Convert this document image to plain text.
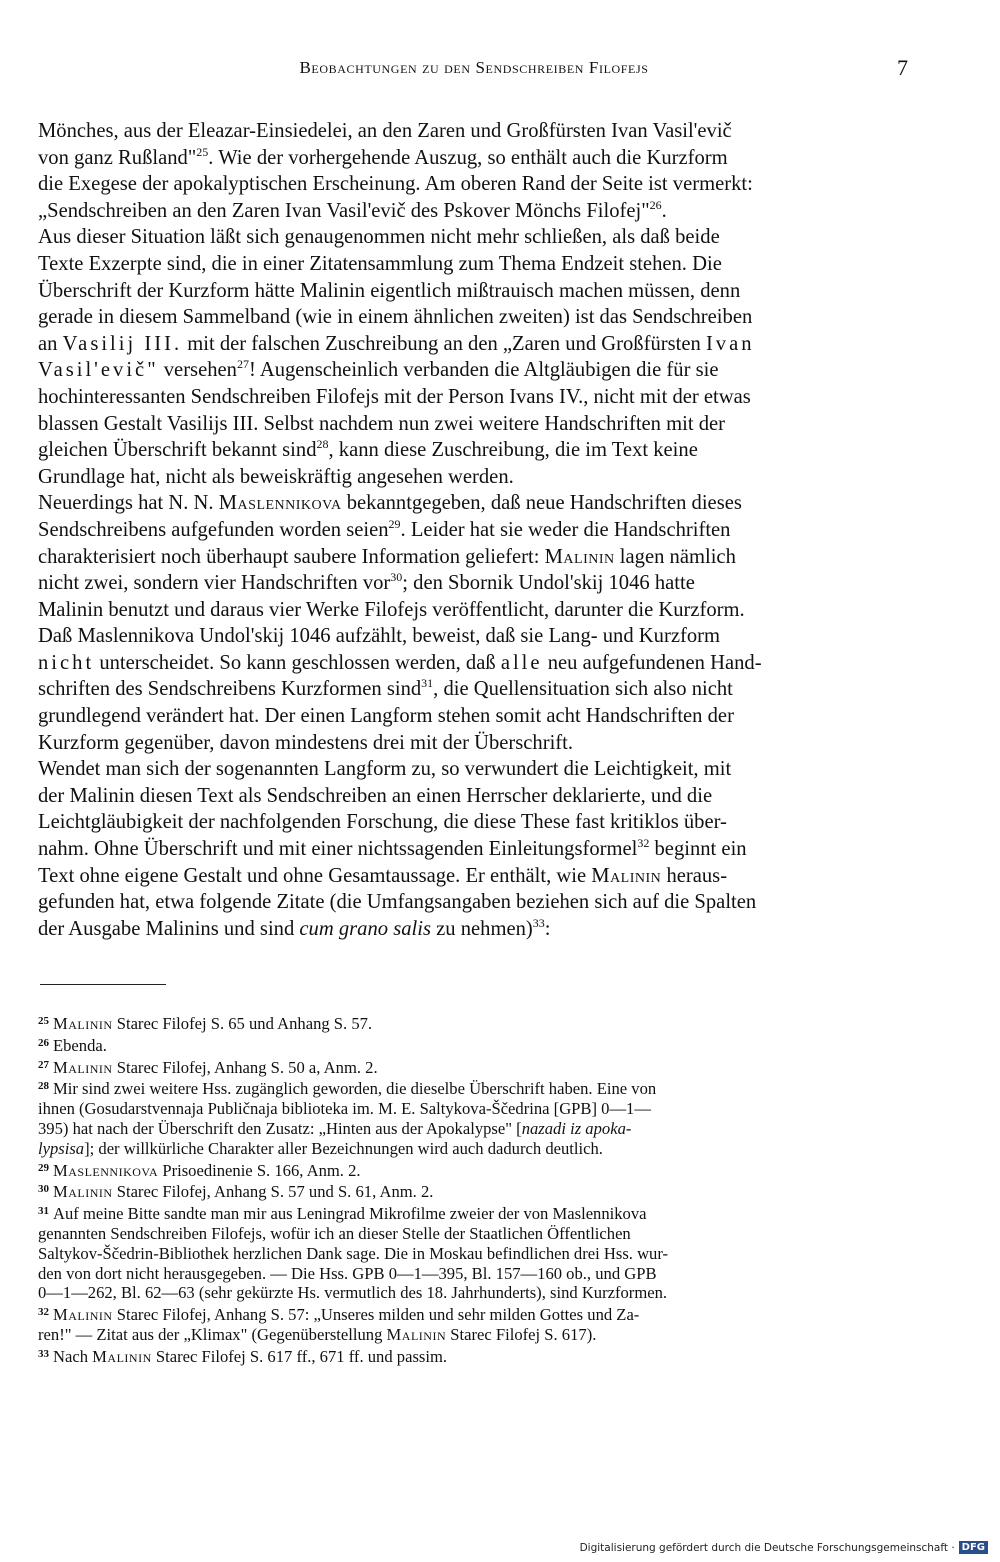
Beobachtungen zu den Sendschreiben Filofejs	7

Mönches, aus der Eleazar-Einsiedelei, an den Zaren und Großfürsten Ivan Vasil'evič
von ganz Rußland"$^{25}$. Wie der vorhergehende Auszug, so enthält auch die Kurzform
die Exegese der apokalyptischen Erscheinung. Am oberen Rand der Seite ist vermerkt:
„Sendschreiben an den Zaren Ivan Vasil'evič des Pskover Mönchs Filofej"$^{26}$.

Aus dieser Situation läßt sich genaugenommen nicht mehr schließen, als daß beide
Texte Exzerpte sind, die in einer Zitatensammlung zum Thema Endzeit stehen. Die
Überschrift der Kurzform hätte Malinin eigentlich mißtrauisch machen müssen, denn
gerade in diesem Sammelband (wie in einem ähnlichen zweiten) ist das Sendschreiben
an Vasilij III. mit der falschen Zuschreibung an den „Zaren und Großfürsten Ivan
Vasil'evič" versehen$^{27}$! Augenscheinlich verbanden die Altgläubigen die für sie
hochinteressanten Sendschreiben Filofejs mit der Person Ivans IV., nicht mit der etwas
blassen Gestalt Vasilijs III. Selbst nachdem nun zwei weitere Handschriften mit der
gleichen Überschrift bekannt sind$^{28}$, kann diese Zuschreibung, die im Text keine
Grundlage hat, nicht als beweiskräftig angesehen werden.

Neuerdings hat N. N. Maslennikova bekanntgegeben, daß neue Handschriften dieses
Sendschreibens aufgefunden worden seien$^{29}$. Leider hat sie weder die Handschriften
charakterisiert noch überhaupt saubere Information geliefert: Malinin lagen nämlich
nicht zwei, sondern vier Handschriften vor$^{30}$; den Sbornik Undol'skij 1046 hatte
Malinin benutzt und daraus vier Werke Filofejs veröffentlicht, darunter die Kurzform.
Daß Maslennikova Undol'skij 1046 aufzählt, beweist, daß sie Lang- und Kurzform
nicht unterscheidet. So kann geschlossen werden, daß alle neu aufgefundenen Hand-
schriften des Sendschreibens Kurzformen sind$^{31}$, die Quellensituation sich also nicht
grundlegend verändert hat. Der einen Langform stehen somit acht Handschriften der
Kurzform gegenüber, davon mindestens drei mit der Überschrift.

Wendet man sich der sogenannten Langform zu, so verwundert die Leichtigkeit, mit
der Malinin diesen Text als Sendschreiben an einen Herrscher deklarierte, und die
Leichtgläubigkeit der nachfolgenden Forschung, die diese These fast kritiklos über-
nahm. Ohne Überschrift und mit einer nichtssagenden Einleitungsformel$^{32}$ beginnt ein
Text ohne eigene Gestalt und ohne Gesamtaussage. Er enthält, wie Malinin heraus-
gefunden hat, etwa folgende Zitate (die Umfangsangaben beziehen sich auf die Spalten
der Ausgabe Malinins und sind cum grano salis zu nehmen)$^{33}$:

$^{25}$ Malinin Starec Filofej S. 65 und Anhang S. 57.
$^{26}$ Ebenda.
$^{27}$ Malinin Starec Filofej, Anhang S. 50 a, Anm. 2.
$^{28}$ Mir sind zwei weitere Hss. zugänglich geworden, die dieselbe Überschrift haben. Eine von
ihnen (Gosudarstvennaja Publičnaja biblioteka im. M. E. Saltykova-Ščedrina [GPB] 0—1—
395) hat nach der Überschrift den Zusatz: „Hinten aus der Apokalypse" [nazadi iz apoka-
lypsisa]; der willkürliche Charakter aller Bezeichnungen wird auch dadurch deutlich.
$^{29}$ Maslennikova Prisoedinenie S. 166, Anm. 2.
$^{30}$ Malinin Starec Filofej, Anhang S. 57 und S. 61, Anm. 2.
$^{31}$ Auf meine Bitte sandte man mir aus Leningrad Mikrofilme zweier der von Maslennikova
genannten Sendschreiben Filofejs, wofür ich an dieser Stelle der Staatlichen Öffentlichen
Saltykov-Ščedrin-Bibliothek herzlichen Dank sage. Die in Moskau befindlichen drei Hss. wur-
den von dort nicht herausgegeben. — Die Hss. GPB 0—1—395, Bl. 157—160 ob., und GPB
0—1—262, Bl. 62—63 (sehr gekürzte Hs. vermutlich des 18. Jahrhunderts), sind Kurzformen.
$^{32}$ Malinin Starec Filofej, Anhang S. 57: „Unseres milden und sehr milden Gottes und Za-
ren!" — Zitat aus der „Klimax" (Gegenüberstellung Malinin Starec Filofej S. 617).
$^{33}$ Nach Malinin Starec Filofej S. 617 ff., 671 ff. und passim.
Digitalisierung gefördert durch die Deutsche Forschungsgemeinschaft · DFG
